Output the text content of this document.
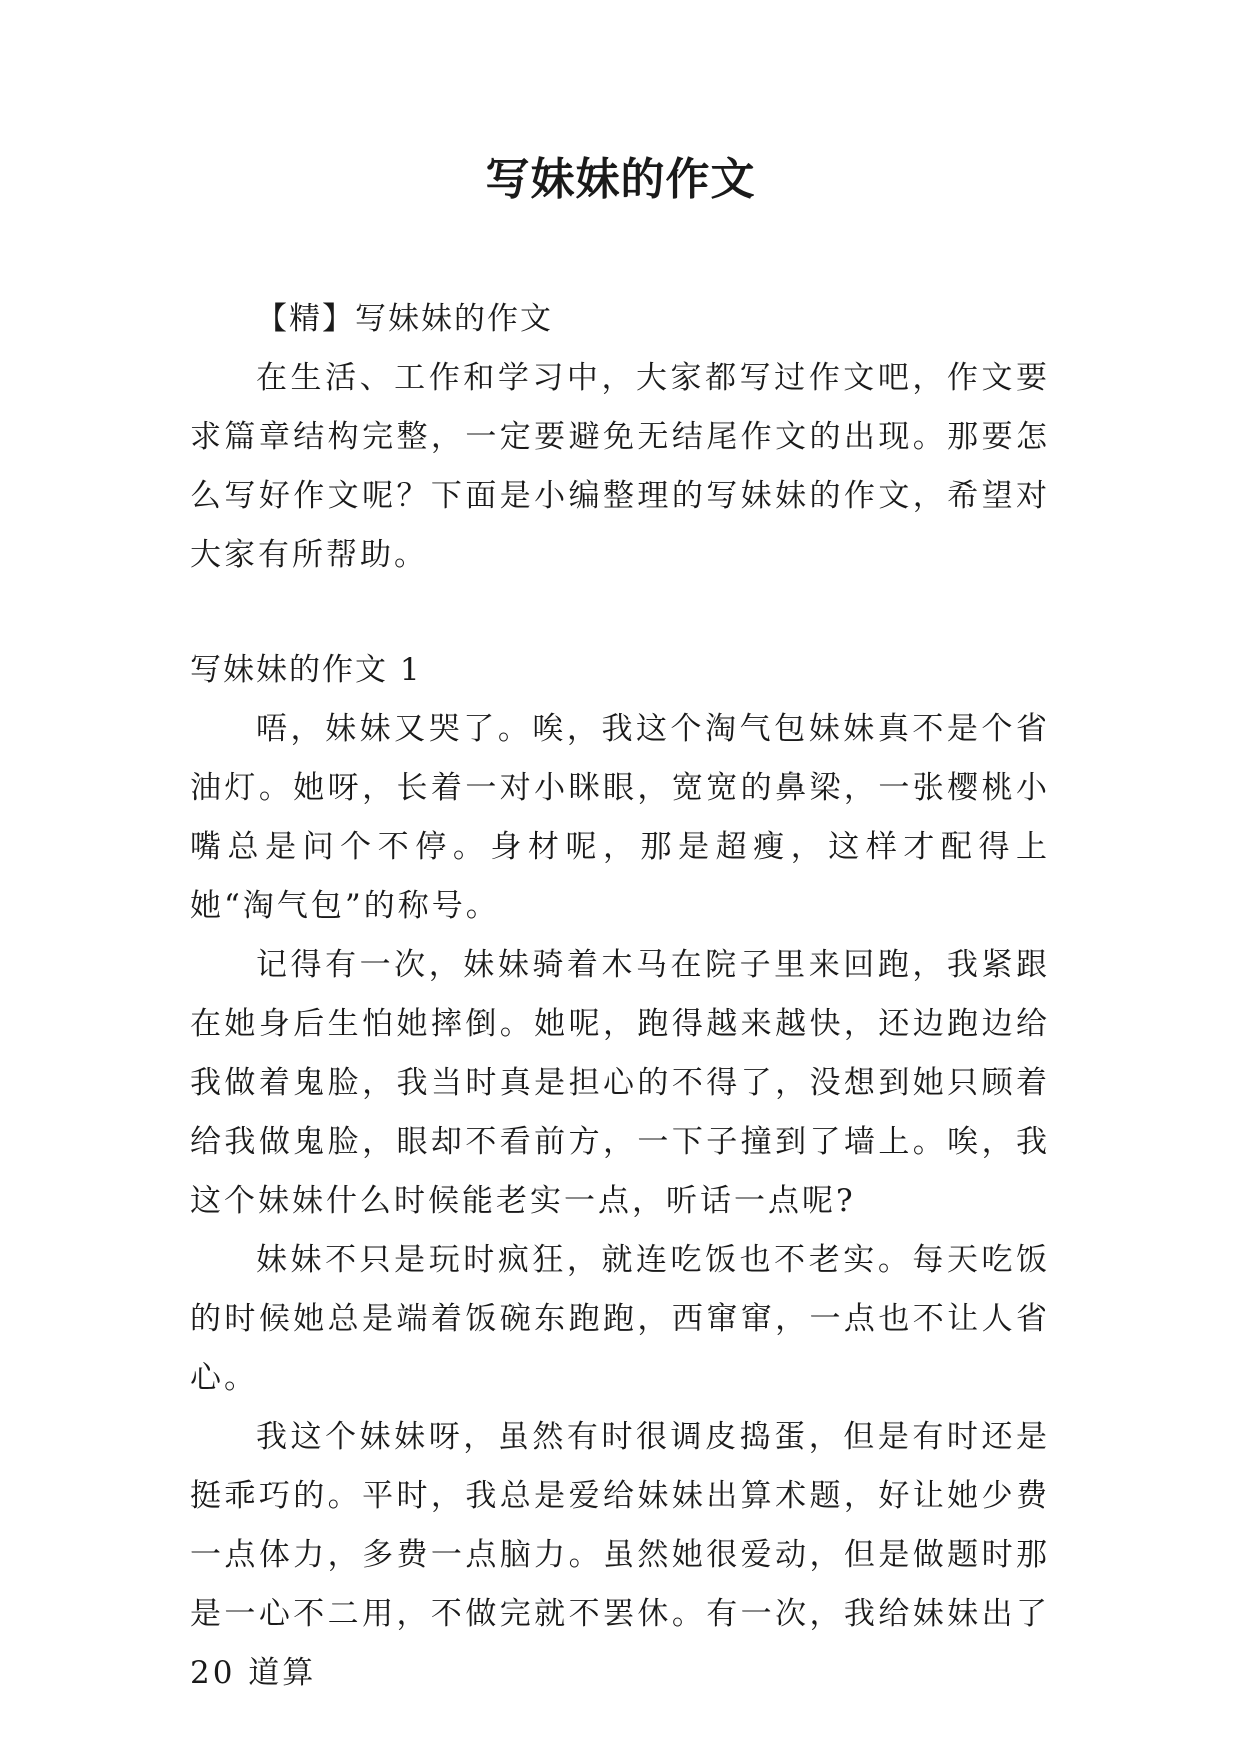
写妹妹的作文

【精】写妹妹的作文

在生活、工作和学习中，大家都写过作文吧，作文要求篇章结构完整，一定要避免无结尾作文的出现。那要怎么写好作文呢？下面是小编整理的写妹妹的作文，希望对大家有所帮助。

写妹妹的作文 1

唔，妹妹又哭了。唉，我这个淘气包妹妹真不是个省油灯。她呀，长着一对小眯眼，宽宽的鼻梁，一张樱桃小嘴总是问个不停。身材呢，那是超瘦，这样才配得上她“淘气包”的称号。

记得有一次，妹妹骑着木马在院子里来回跑，我紧跟在她身后生怕她摔倒。她呢，跑得越来越快，还边跑边给我做着鬼脸，我当时真是担心的不得了，没想到她只顾着给我做鬼脸，眼却不看前方，一下子撞到了墙上。唉，我这个妹妹什么时候能老实一点，听话一点呢?

妹妹不只是玩时疯狂，就连吃饭也不老实。每天吃饭的时候她总是端着饭碗东跑跑，西窜窜，一点也不让人省心。

我这个妹妹呀，虽然有时很调皮捣蛋，但是有时还是挺乖巧的。平时，我总是爱给妹妹出算术题，好让她少费一点体力，多费一点脑力。虽然她很爱动，但是做题时那是一心不二用，不做完就不罢休。有一次，我给妹妹出了 20 道算
